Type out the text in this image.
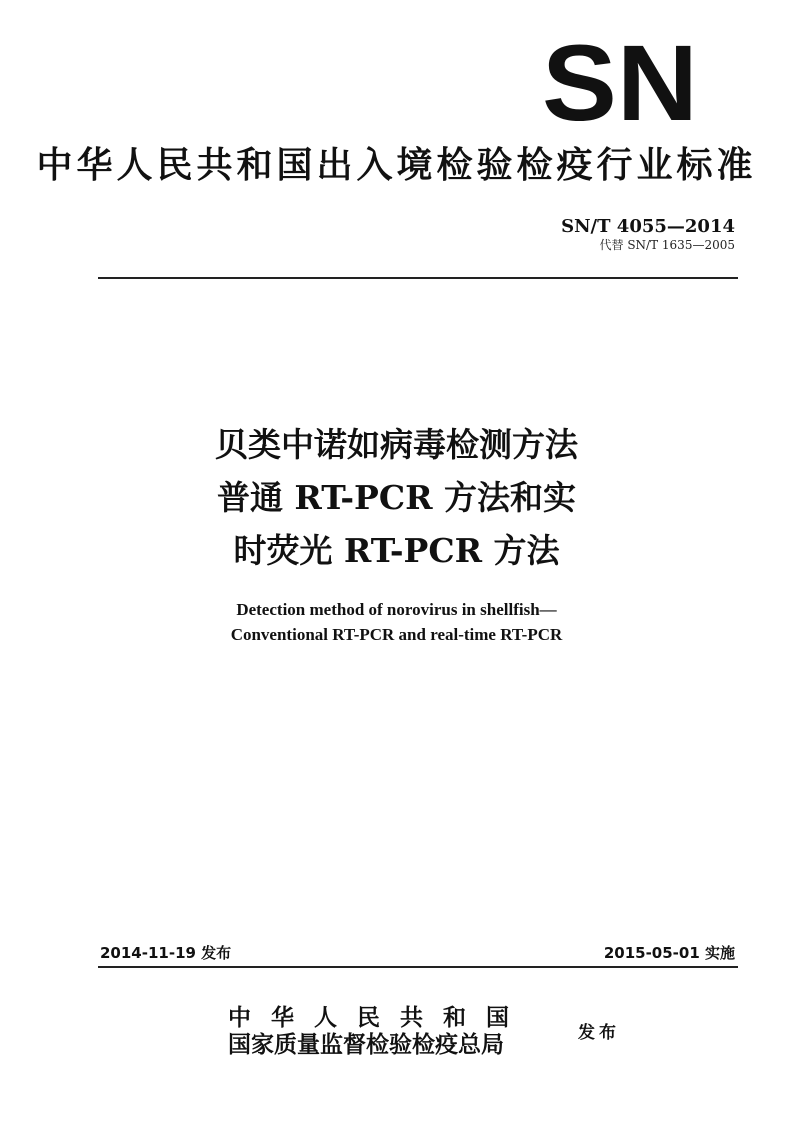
SN
中华人民共和国出入境检验检疫行业标准
SN/T 4055—2014
代替 SN/T 1635—2005
贝类中诺如病毒检测方法
普通 RT-PCR 方法和实
时荧光 RT-PCR 方法
Detection method of norovirus in shellfish—
Conventional RT-PCR and real-time RT-PCR
2014-11-19 发布	2015-05-01 实施
中华人民共和国
国家质量监督检验检疫总局	发布
